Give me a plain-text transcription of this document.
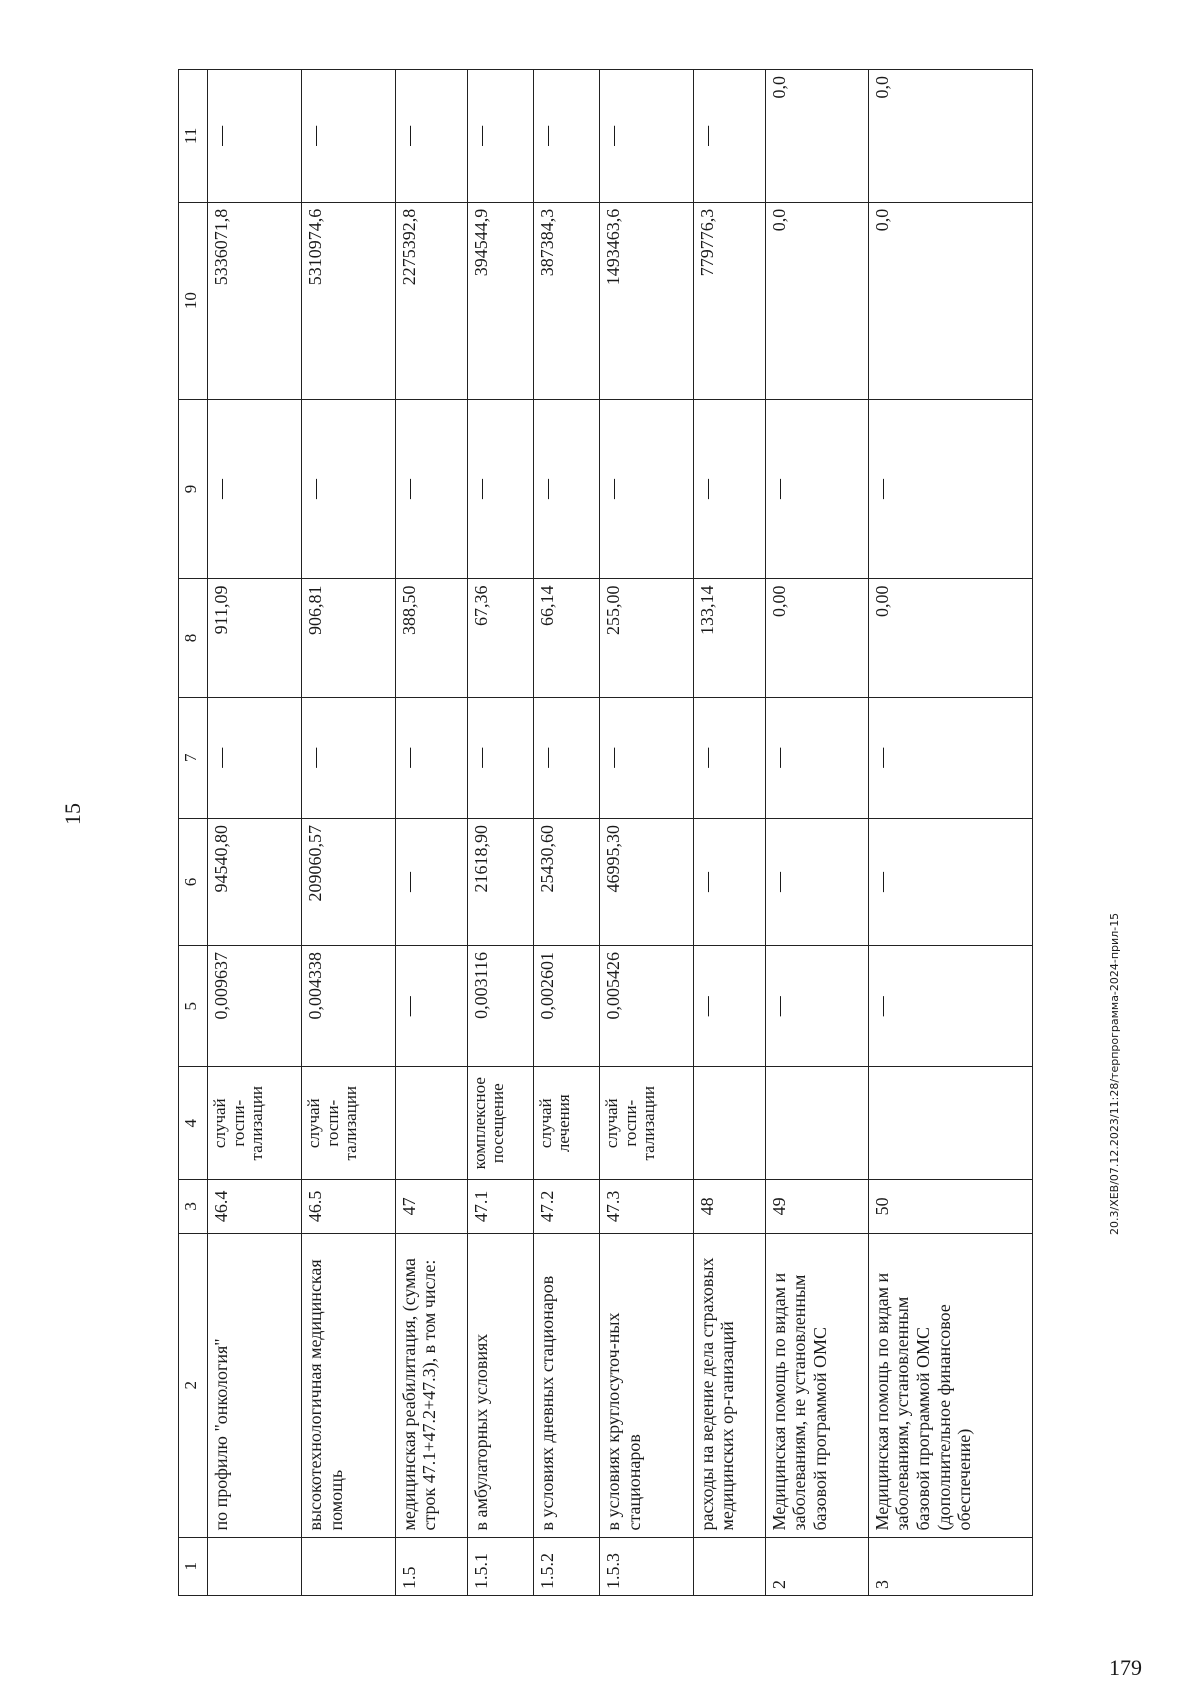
15
1	2	3	4	5	6	7	8	9	10	11
	по профилю "онкология"	46.4	случай госпи-тализации	0,009637	94540,80	—	911,09	—	5336071,8	—
	высокотехнологичная медицинская помощь	46.5	случай госпи-тализации	0,004338	209060,57	—	906,81	—	5310974,6	—
1.5	медицинская реабилитация, (сумма строк 47.1+47.2+47.3), в том числе:	47		—	—	—	388,50	—	2275392,8	—
1.5.1	в амбулаторных условиях	47.1	комплексное посещение	0,003116	21618,90	—	67,36	—	394544,9	—
1.5.2	в условиях дневных стационаров	47.2	случай лечения	0,002601	25430,60	—	66,14	—	387384,3	—
1.5.3	в условиях круглосуточ-ных стационаров	47.3	случай госпи-тализации	0,005426	46995,30	—	255,00	—	1493463,6	—
	расходы на ведение дела страховых медицинских ор-ганизаций	48		—	—	—	133,14	—	779776,3	—
2	Медицинская помощь по видам и заболеваниям, не установленным базовой программой ОМС	49		—	—	—	0,00	—	0,0	0,0
3	Медицинская помощь по видам и заболеваниям, установленным базовой программой ОМС (дополнительное финансовое обеспечение)	50		—	—	—	0,00	—	0,0	0,0
20.3/ХЕВ/07.12.2023/11:28/терпрограмма-2024-прил-15
179
